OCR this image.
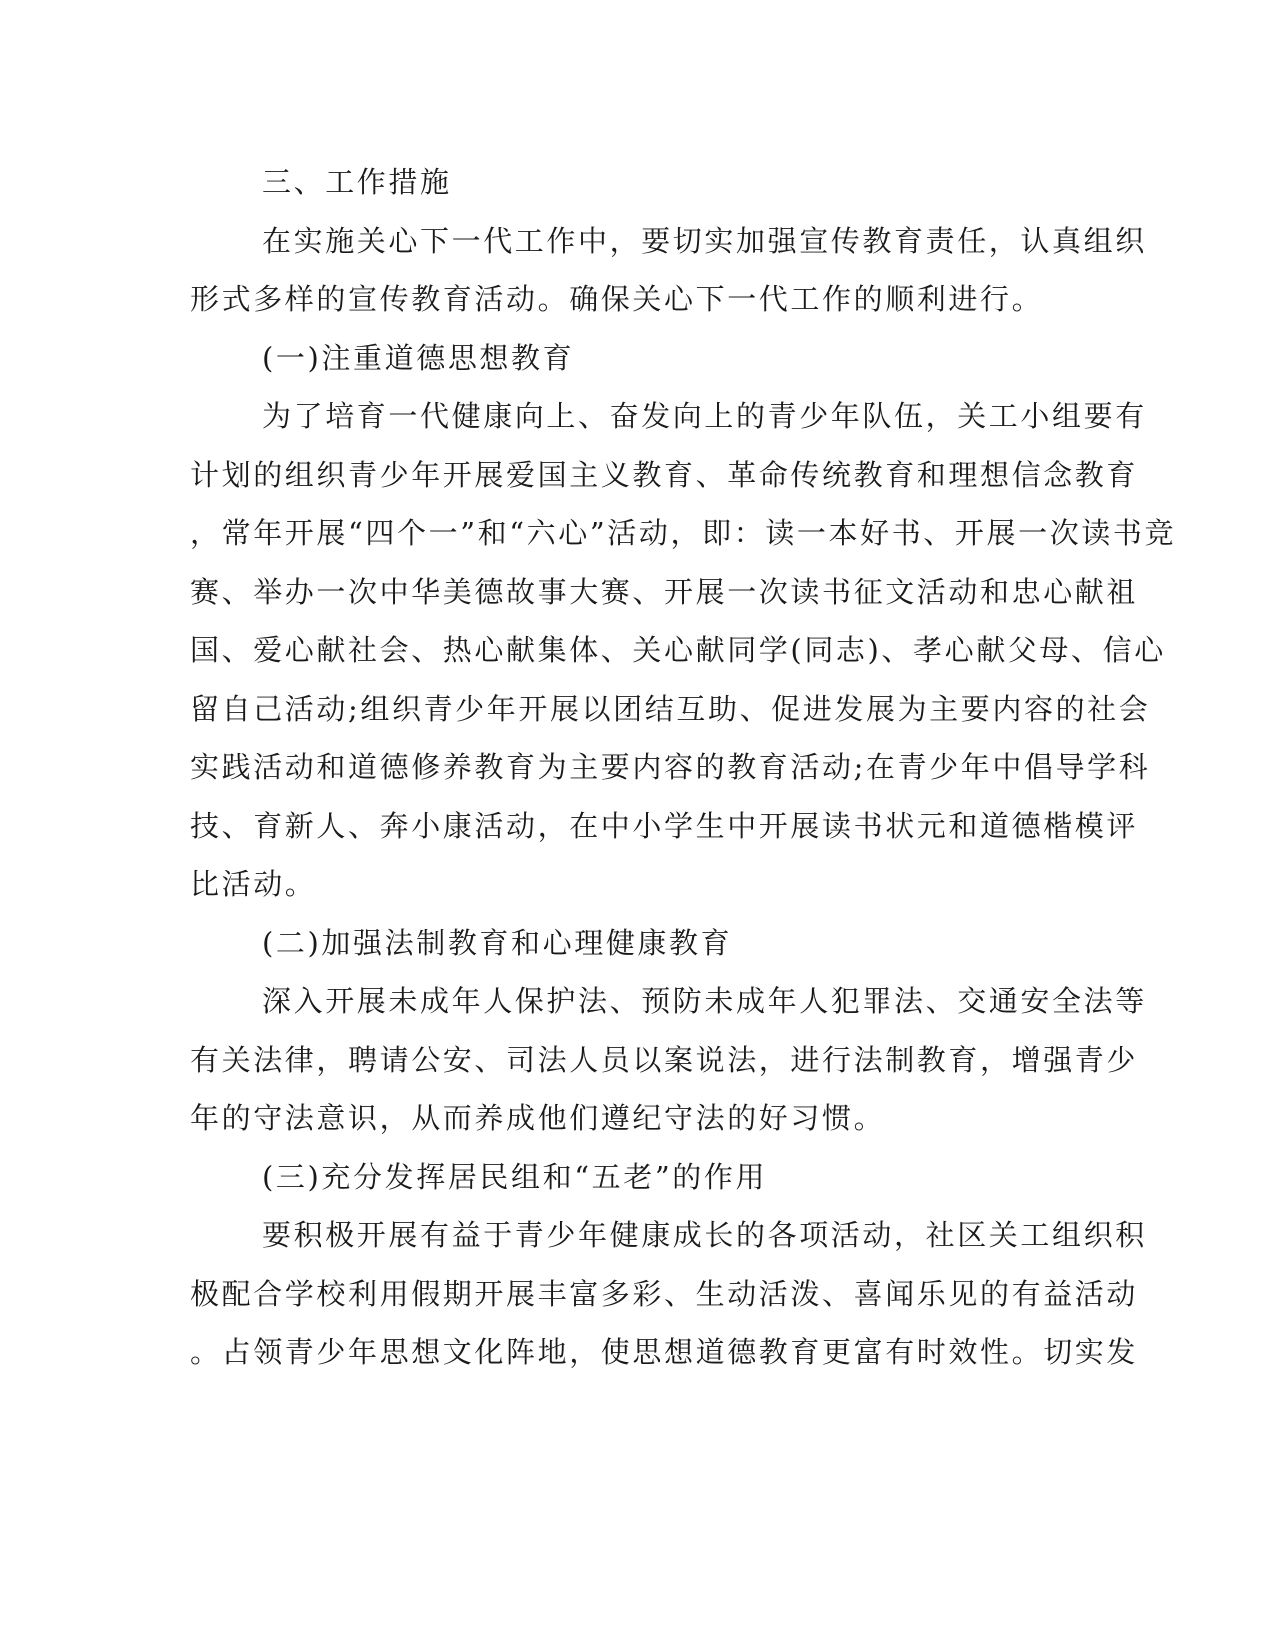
三、工作措施
在实施关心下一代工作中，要切实加强宣传教育责任，认真组织
形式多样的宣传教育活动。确保关心下一代工作的顺利进行。
(一)注重道德思想教育
为了培育一代健康向上、奋发向上的青少年队伍，关工小组要有
计划的组织青少年开展爱国主义教育、革命传统教育和理想信念教育
，常年开展“四个一”和“六心”活动，即：读一本好书、开展一次读书竞
赛、举办一次中华美德故事大赛、开展一次读书征文活动和忠心献祖
国、爱心献社会、热心献集体、关心献同学(同志)、孝心献父母、信心
留自己活动;组织青少年开展以团结互助、促进发展为主要内容的社会
实践活动和道德修养教育为主要内容的教育活动;在青少年中倡导学科
技、育新人、奔小康活动，在中小学生中开展读书状元和道德楷模评
比活动。
(二)加强法制教育和心理健康教育
深入开展未成年人保护法、预防未成年人犯罪法、交通安全法等
有关法律，聘请公安、司法人员以案说法，进行法制教育，增强青少
年的守法意识，从而养成他们遵纪守法的好习惯。
(三)充分发挥居民组和“五老”的作用
要积极开展有益于青少年健康成长的各项活动，社区关工组织积
极配合学校利用假期开展丰富多彩、生动活泼、喜闻乐见的有益活动
。占领青少年思想文化阵地，使思想道德教育更富有时效性。切实发
